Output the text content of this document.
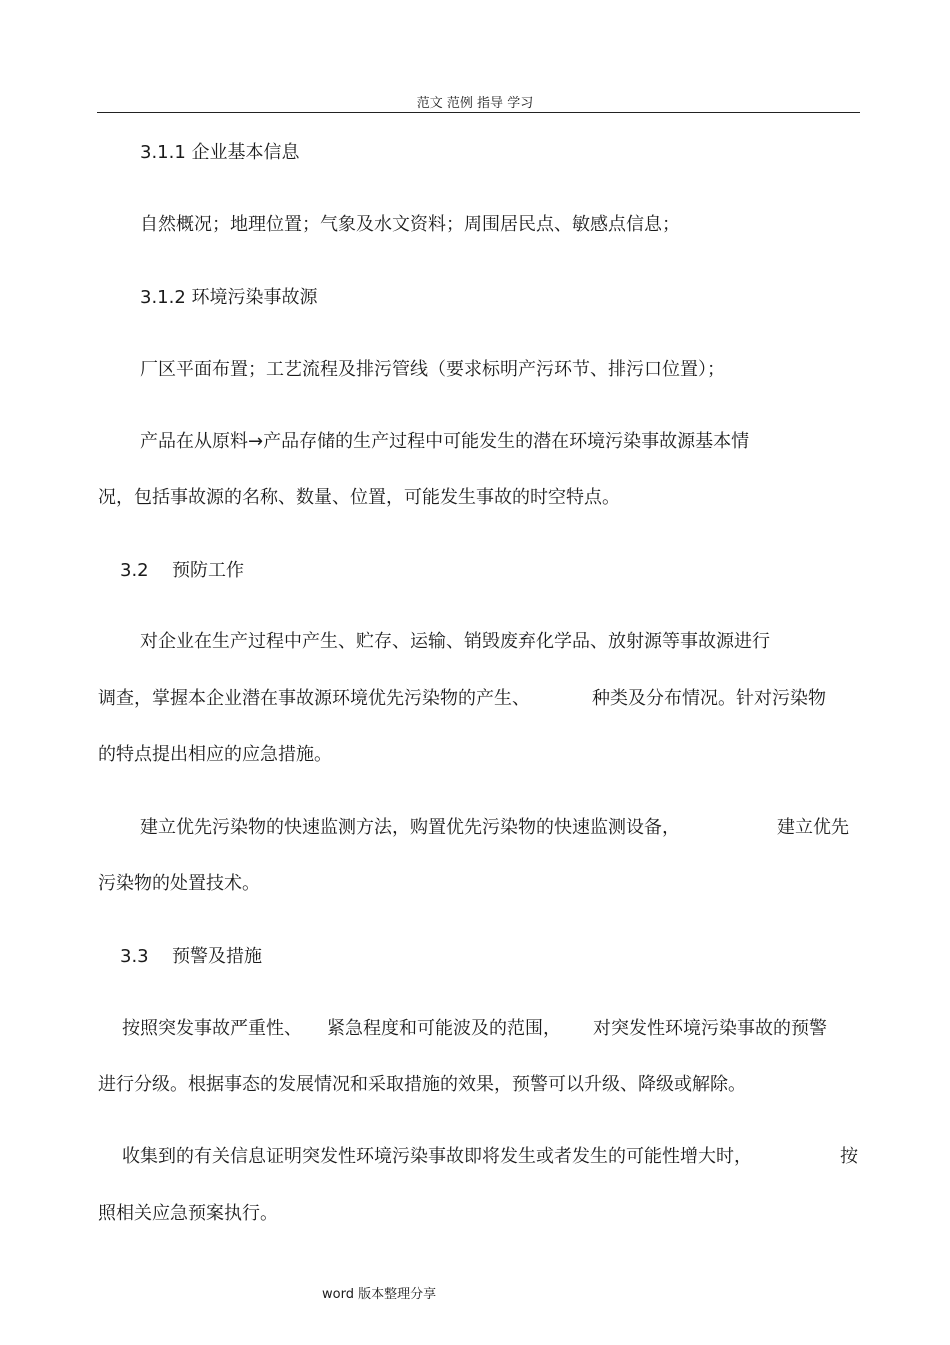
范文 范例 指导 学习
3.1.1 企业基本信息
自然概况；地理位置；气象及水文资料；周围居民点、敏感点信息；
3.1.2 环境污染事故源
厂区平面布置；工艺流程及排污管线（要求标明产污环节、排污口位置）；
产品在从原料→产品存储的生产过程中可能发生的潜在环境污染事故源基本情
况，包括事故源的名称、数量、位置，可能发生事故的时空特点。
3.2 预防工作
对企业在生产过程中产生、贮存、运输、销毁废弃化学品、放射源等事故源进行
调查，掌握本企业潜在事故源环境优先污染物的产生、	种类及分布情况。针对污染物
的特点提出相应的应急措施。
建立优先污染物的快速监测方法，购置优先污染物的快速监测设备，	建立优先
污染物的处置技术。
3.3 预警及措施
按照突发事故严重性、 紧急程度和可能波及的范围， 对突发性环境污染事故的预警
进行分级。根据事态的发展情况和采取措施的效果，预警可以升级、降级或解除。
收集到的有关信息证明突发性环境污染事故即将发生或者发生的可能性增大时，	按
照相关应急预案执行。
word 版本整理分享
